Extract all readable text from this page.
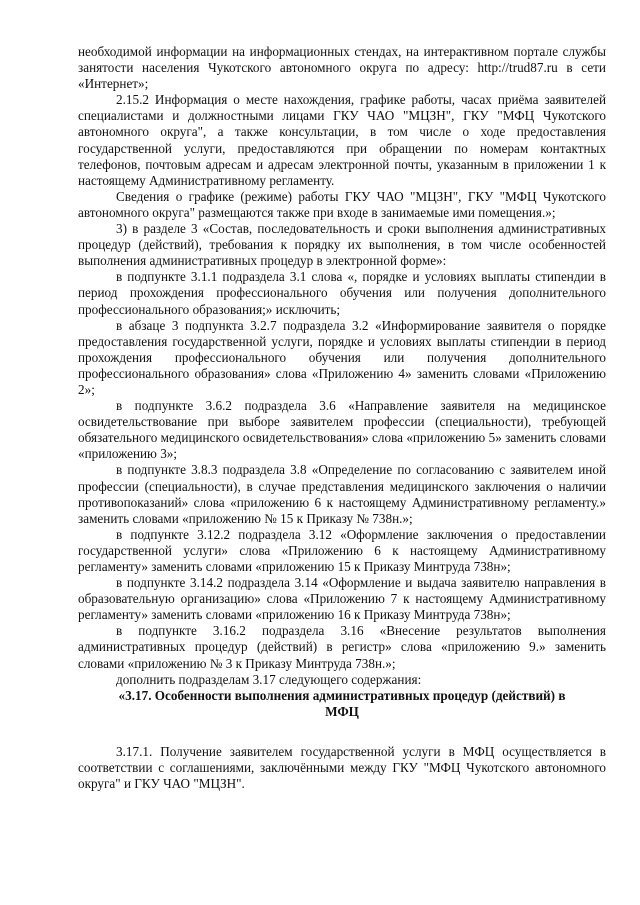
необходимой информации на информационных стендах, на интерактивном портале службы занятости населения Чукотского автономного округа по адресу: http://trud87.ru в сети «Интернет»;

2.15.2 Информация о месте нахождения, графике работы, часах приёма заявителей специалистами и должностными лицами ГКУ ЧАО "МЦЗН", ГКУ "МФЦ Чукотского автономного округа", а также консультации, в том числе о ходе предоставления государственной услуги, предоставляются при обращении по номерам контактных телефонов, почтовым адресам и адресам электронной почты, указанным в приложении 1 к настоящему Административному регламенту.

Сведения о графике (режиме) работы ГКУ ЧАО "МЦЗН", ГКУ "МФЦ Чукотского автономного округа" размещаются также при входе в занимаемые ими помещения.»;

3) в разделе 3 «Состав, последовательность и сроки выполнения административных процедур (действий), требования к порядку их выполнения, в том числе особенностей выполнения административных процедур в электронной форме»:

в подпункте 3.1.1 подраздела 3.1 слова «, порядке и условиях выплаты стипендии в период прохождения профессионального обучения или получения дополнительного профессионального образования;» исключить;

в абзаце 3 подпункта 3.2.7 подраздела 3.2 «Информирование заявителя о порядке предоставления государственной услуги, порядке и условиях выплаты стипендии в период прохождения профессионального обучения или получения дополнительного профессионального образования» слова «Приложению 4» заменить словами «Приложению 2»;

в подпункте 3.6.2 подраздела 3.6 «Направление заявителя на медицинское освидетельствование при выборе заявителем профессии (специальности), требующей обязательного медицинского освидетельствования» слова «приложению 5» заменить словами «приложению 3»;

в подпункте 3.8.3 подраздела 3.8 «Определение по согласованию с заявителем иной профессии (специальности), в случае представления медицинского заключения о наличии противопоказаний» слова «приложению 6 к настоящему Административному регламенту.» заменить словами «приложению № 15 к Приказу № 738н.»;

в подпункте 3.12.2 подраздела 3.12 «Оформление заключения о предоставлении государственной услуги» слова «Приложению 6 к настоящему Административному регламенту» заменить словами «приложению 15 к Приказу Минтруда 738н»;

в подпункте 3.14.2 подраздела 3.14 «Оформление и выдача заявителю направления в образовательную организацию» слова «Приложению 7 к настоящему Административному регламенту» заменить словами «приложению 16 к Приказу Минтруда 738н»;

в подпункте 3.16.2 подраздела 3.16 «Внесение результатов выполнения административных процедур (действий) в регистр» слова «приложению 9.» заменить словами «приложению № 3 к Приказу Минтруда 738н.»;

дополнить подразделам 3.17 следующего содержания:

«3.17. Особенности выполнения административных процедур (действий) в МФЦ

3.17.1. Получение заявителем государственной услуги в МФЦ осуществляется в соответствии с соглашениями, заключёнными между ГКУ "МФЦ Чукотского автономного округа" и ГКУ ЧАО "МЦЗН".
